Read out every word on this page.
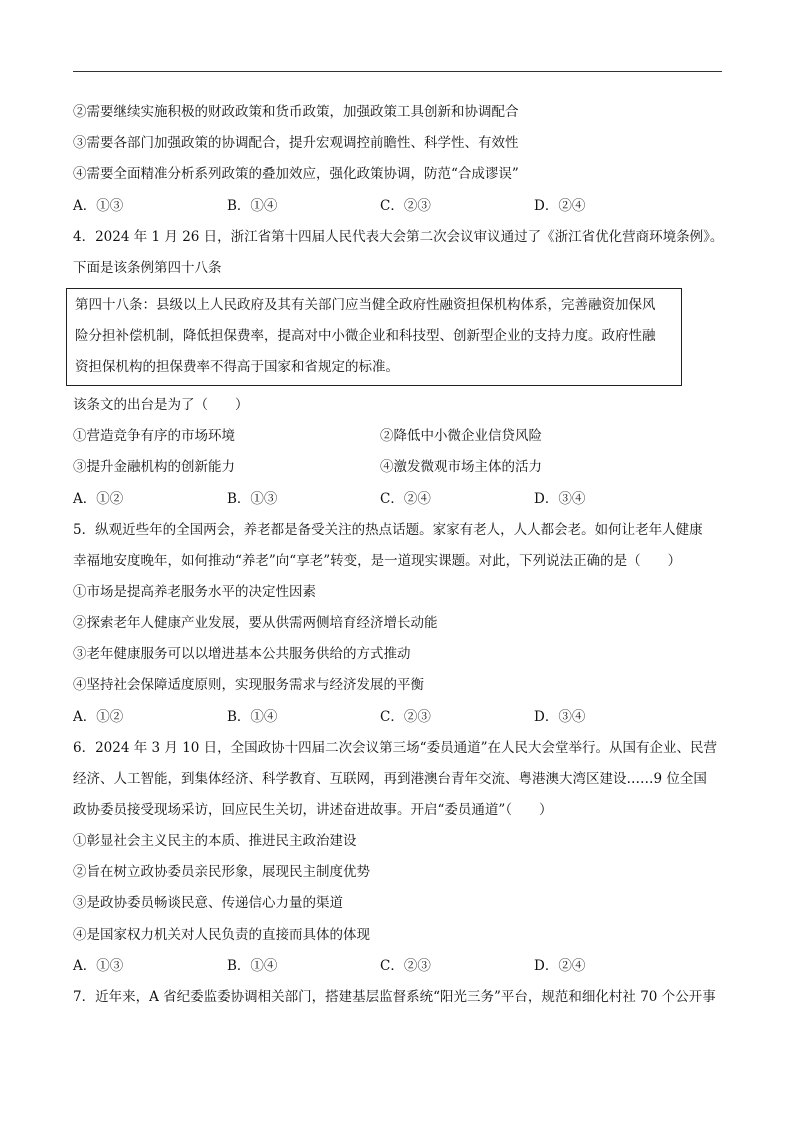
②需要继续实施积极的财政政策和货币政策，加强政策工具创新和协调配合
③需要各部门加强政策的协调配合，提升宏观调控前瞻性、科学性、有效性
④需要全面精准分析系列政策的叠加效应，强化政策协调，防范“合成谬误”
A．①③	B．①④	C．②③	D．②④
4．2024 年 1 月 26 日，浙江省第十四届人民代表大会第二次会议审议通过了《浙江省优化营商环境条例》。
下面是该条例第四十八条
第四十八条：县级以上人民政府及其有关部门应当健全政府性融资担保机构体系，完善融资加保风
险分担补偿机制，降低担保费率，提高对中小微企业和科技型、创新型企业的支持力度。政府性融
资担保机构的担保费率不得高于国家和省规定的标准。
该条文的出台是为了（　　）
①营造竞争有序的市场环境	②降低中小微企业信贷风险
③提升金融机构的创新能力	④激发微观市场主体的活力
A．①②	B．①③	C．②④	D．③④
5．纵观近些年的全国两会，养老都是备受关注的热点话题。家家有老人，人人都会老。如何让老年人健康
幸福地安度晚年，如何推动“养老”向“享老”转变，是一道现实课题。对此，下列说法正确的是（　　）
①市场是提高养老服务水平的决定性因素
②探索老年人健康产业发展，要从供需两侧培育经济增长动能
③老年健康服务可以以增进基本公共服务供给的方式推动
④坚持社会保障适度原则，实现服务需求与经济发展的平衡
A．①②	B．①④	C．②③	D．③④
6．2024 年 3 月 10 日，全国政协十四届二次会议第三场“委员通道”在人民大会堂举行。从国有企业、民营
经济、人工智能，到集体经济、科学教育、互联网，再到港澳台青年交流、粤港澳大湾区建设……9 位全国
政协委员接受现场采访，回应民生关切，讲述奋进故事。开启“委员通道”（　　）
①彰显社会主义民主的本质、推进民主政治建设
②旨在树立政协委员亲民形象，展现民主制度优势
③是政协委员畅谈民意、传递信心力量的渠道
④是国家权力机关对人民负责的直接而具体的体现
A．①③	B．①④	C．②③	D．②④
7．近年来，A 省纪委监委协调相关部门，搭建基层监督系统“阳光三务”平台，规范和细化村社 70 个公开事
